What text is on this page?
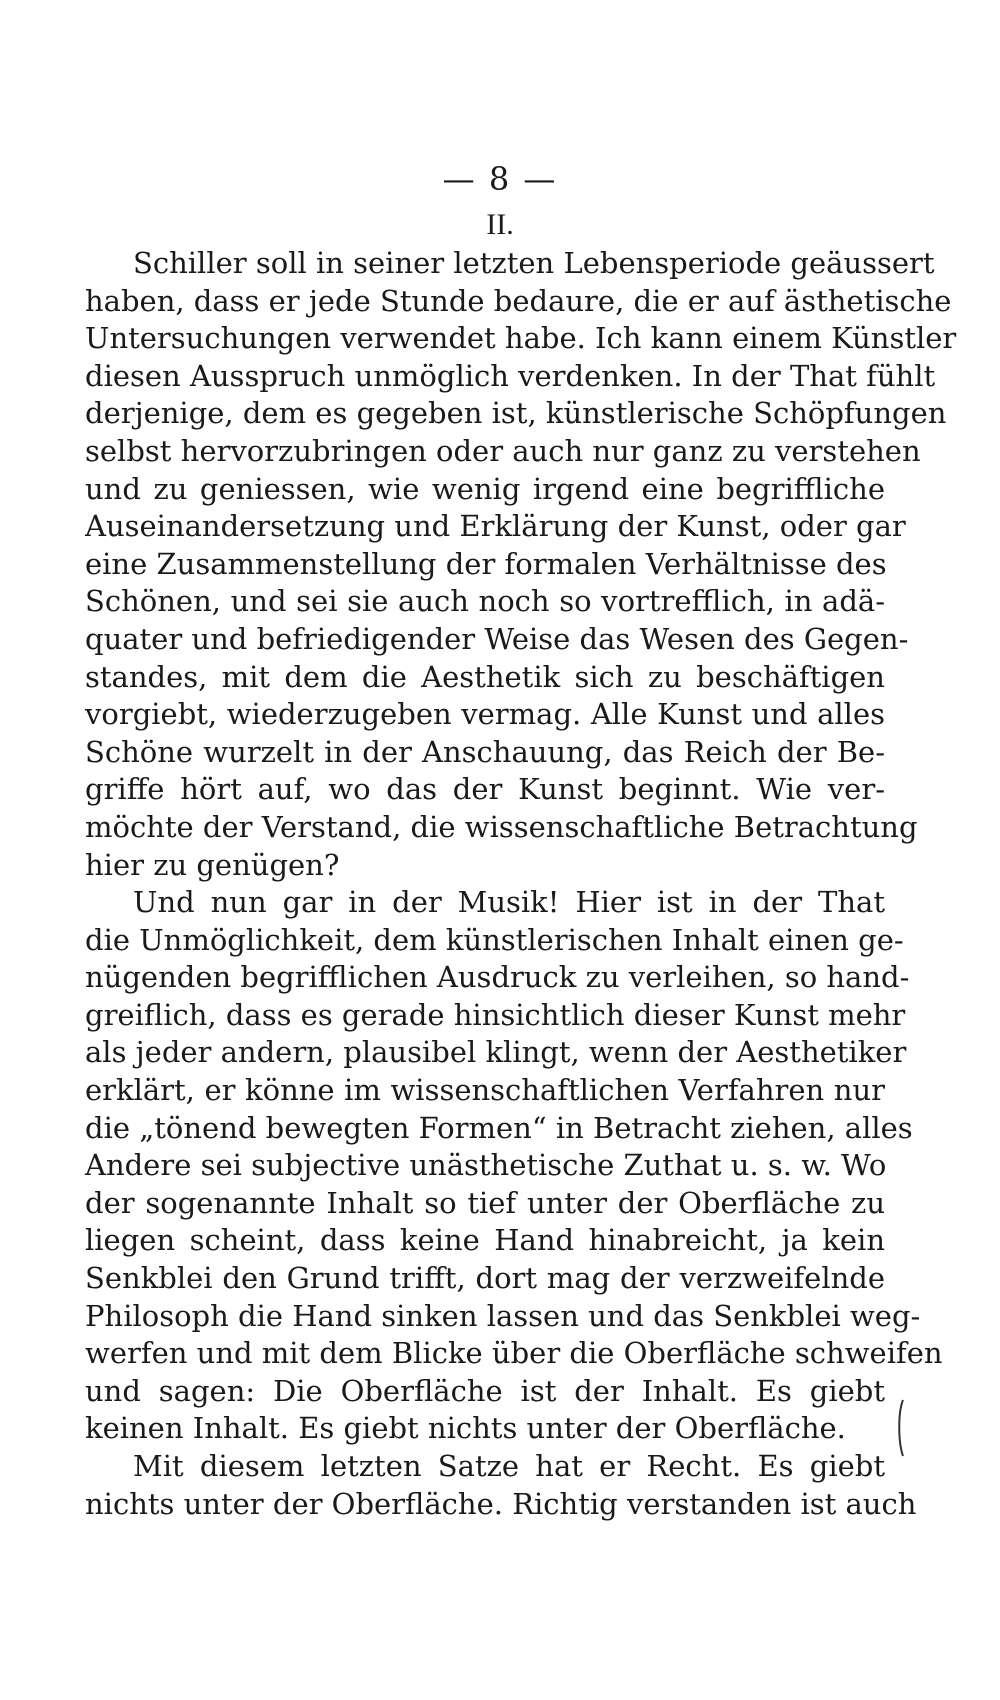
— 8 —
II.
Schiller soll in seiner letzten Lebensperiode geäussert
haben, dass er jede Stunde bedaure, die er auf ästhetische
Untersuchungen verwendet habe. Ich kann einem Künstler
diesen Ausspruch unmöglich verdenken. In der That fühlt
derjenige, dem es gegeben ist, künstlerische Schöpfungen
selbst hervorzubringen oder auch nur ganz zu verstehen
und zu geniessen, wie wenig irgend eine begriffliche
Auseinandersetzung und Erklärung der Kunst, oder gar
eine Zusammenstellung der formalen Verhältnisse des
Schönen, und sei sie auch noch so vortrefflich, in adä-
quater und befriedigender Weise das Wesen des Gegen-
standes, mit dem die Aesthetik sich zu beschäftigen
vorgiebt, wiederzugeben vermag. Alle Kunst und alles
Schöne wurzelt in der Anschauung, das Reich der Be-
griffe hört auf, wo das der Kunst beginnt. Wie ver-
möchte der Verstand, die wissenschaftliche Betrachtung
hier zu genügen?
Und nun gar in der Musik! Hier ist in der That
die Unmöglichkeit, dem künstlerischen Inhalt einen ge-
nügenden begrifflichen Ausdruck zu verleihen, so hand-
greiflich, dass es gerade hinsichtlich dieser Kunst mehr
als jeder andern, plausibel klingt, wenn der Aesthetiker
erklärt, er könne im wissenschaftlichen Verfahren nur
die „tönend bewegten Formen“ in Betracht ziehen, alles
Andere sei subjective unästhetische Zuthat u. s. w. Wo
der sogenannte Inhalt so tief unter der Oberfläche zu
liegen scheint, dass keine Hand hinabreicht, ja kein
Senkblei den Grund trifft, dort mag der verzweifelnde
Philosoph die Hand sinken lassen und das Senkblei weg-
werfen und mit dem Blicke über die Oberfläche schweifen
und sagen: Die Oberfläche ist der Inhalt. Es giebt
keinen Inhalt. Es giebt nichts unter der Oberfläche.
Mit diesem letzten Satze hat er Recht. Es giebt
nichts unter der Oberfläche. Richtig verstanden ist auch
